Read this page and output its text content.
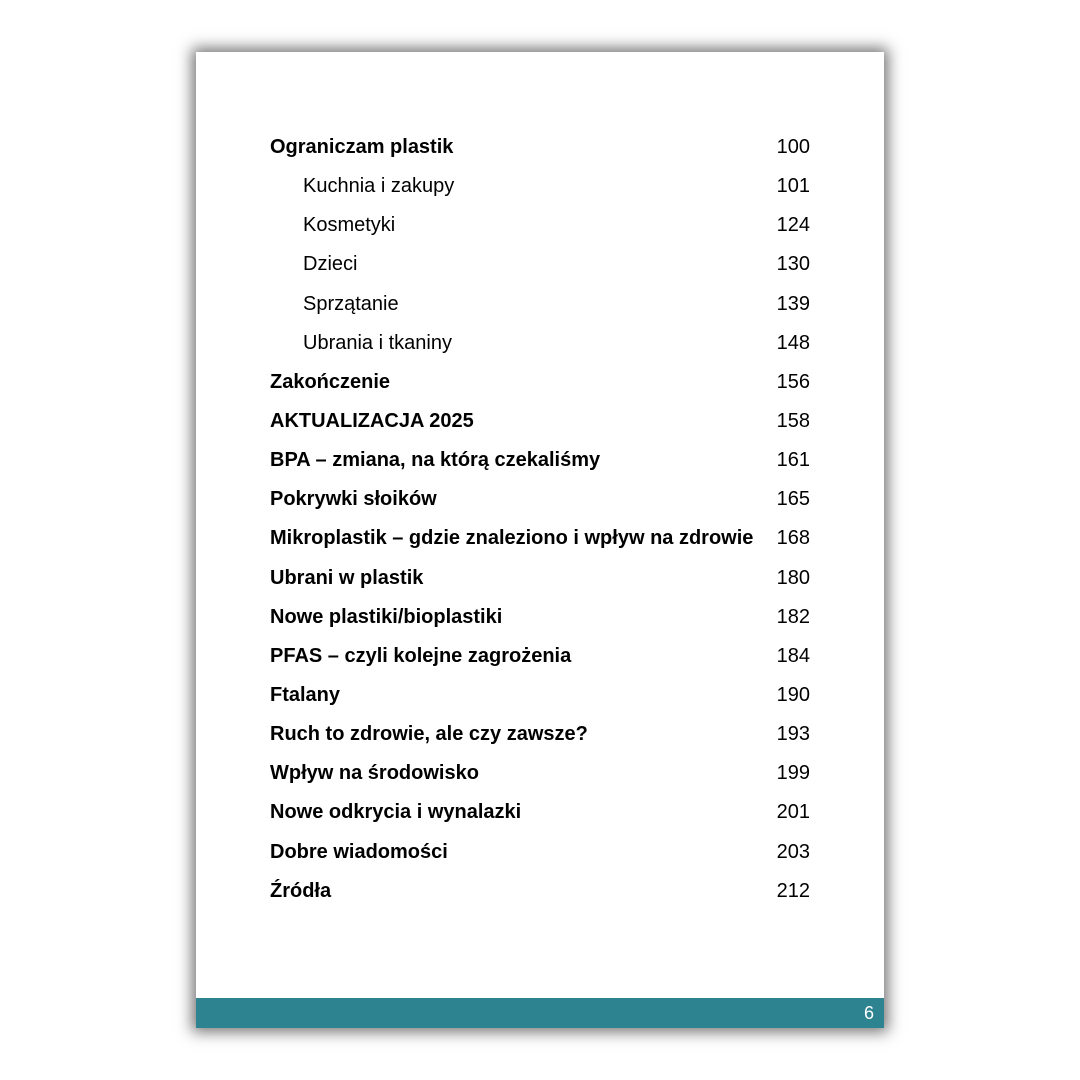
Ograniczam plastik	100
Kuchnia i zakupy	101
Kosmetyki	124
Dzieci	130
Sprzątanie	139
Ubrania i tkaniny	148
Zakończenie	156
AKTUALIZACJA 2025	158
BPA – zmiana, na którą czekaliśmy	161
Pokrywki słoików	165
Mikroplastik – gdzie znaleziono i wpływ na zdrowie 168
Ubrani w plastik	180
Nowe plastiki/bioplastiki	182
PFAS – czyli kolejne zagrożenia	184
Ftalany	190
Ruch to zdrowie, ale czy zawsze?	193
Wpływ na środowisko	199
Nowe odkrycia i wynalazki	201
Dobre wiadomości	203
Źródła	212
6
